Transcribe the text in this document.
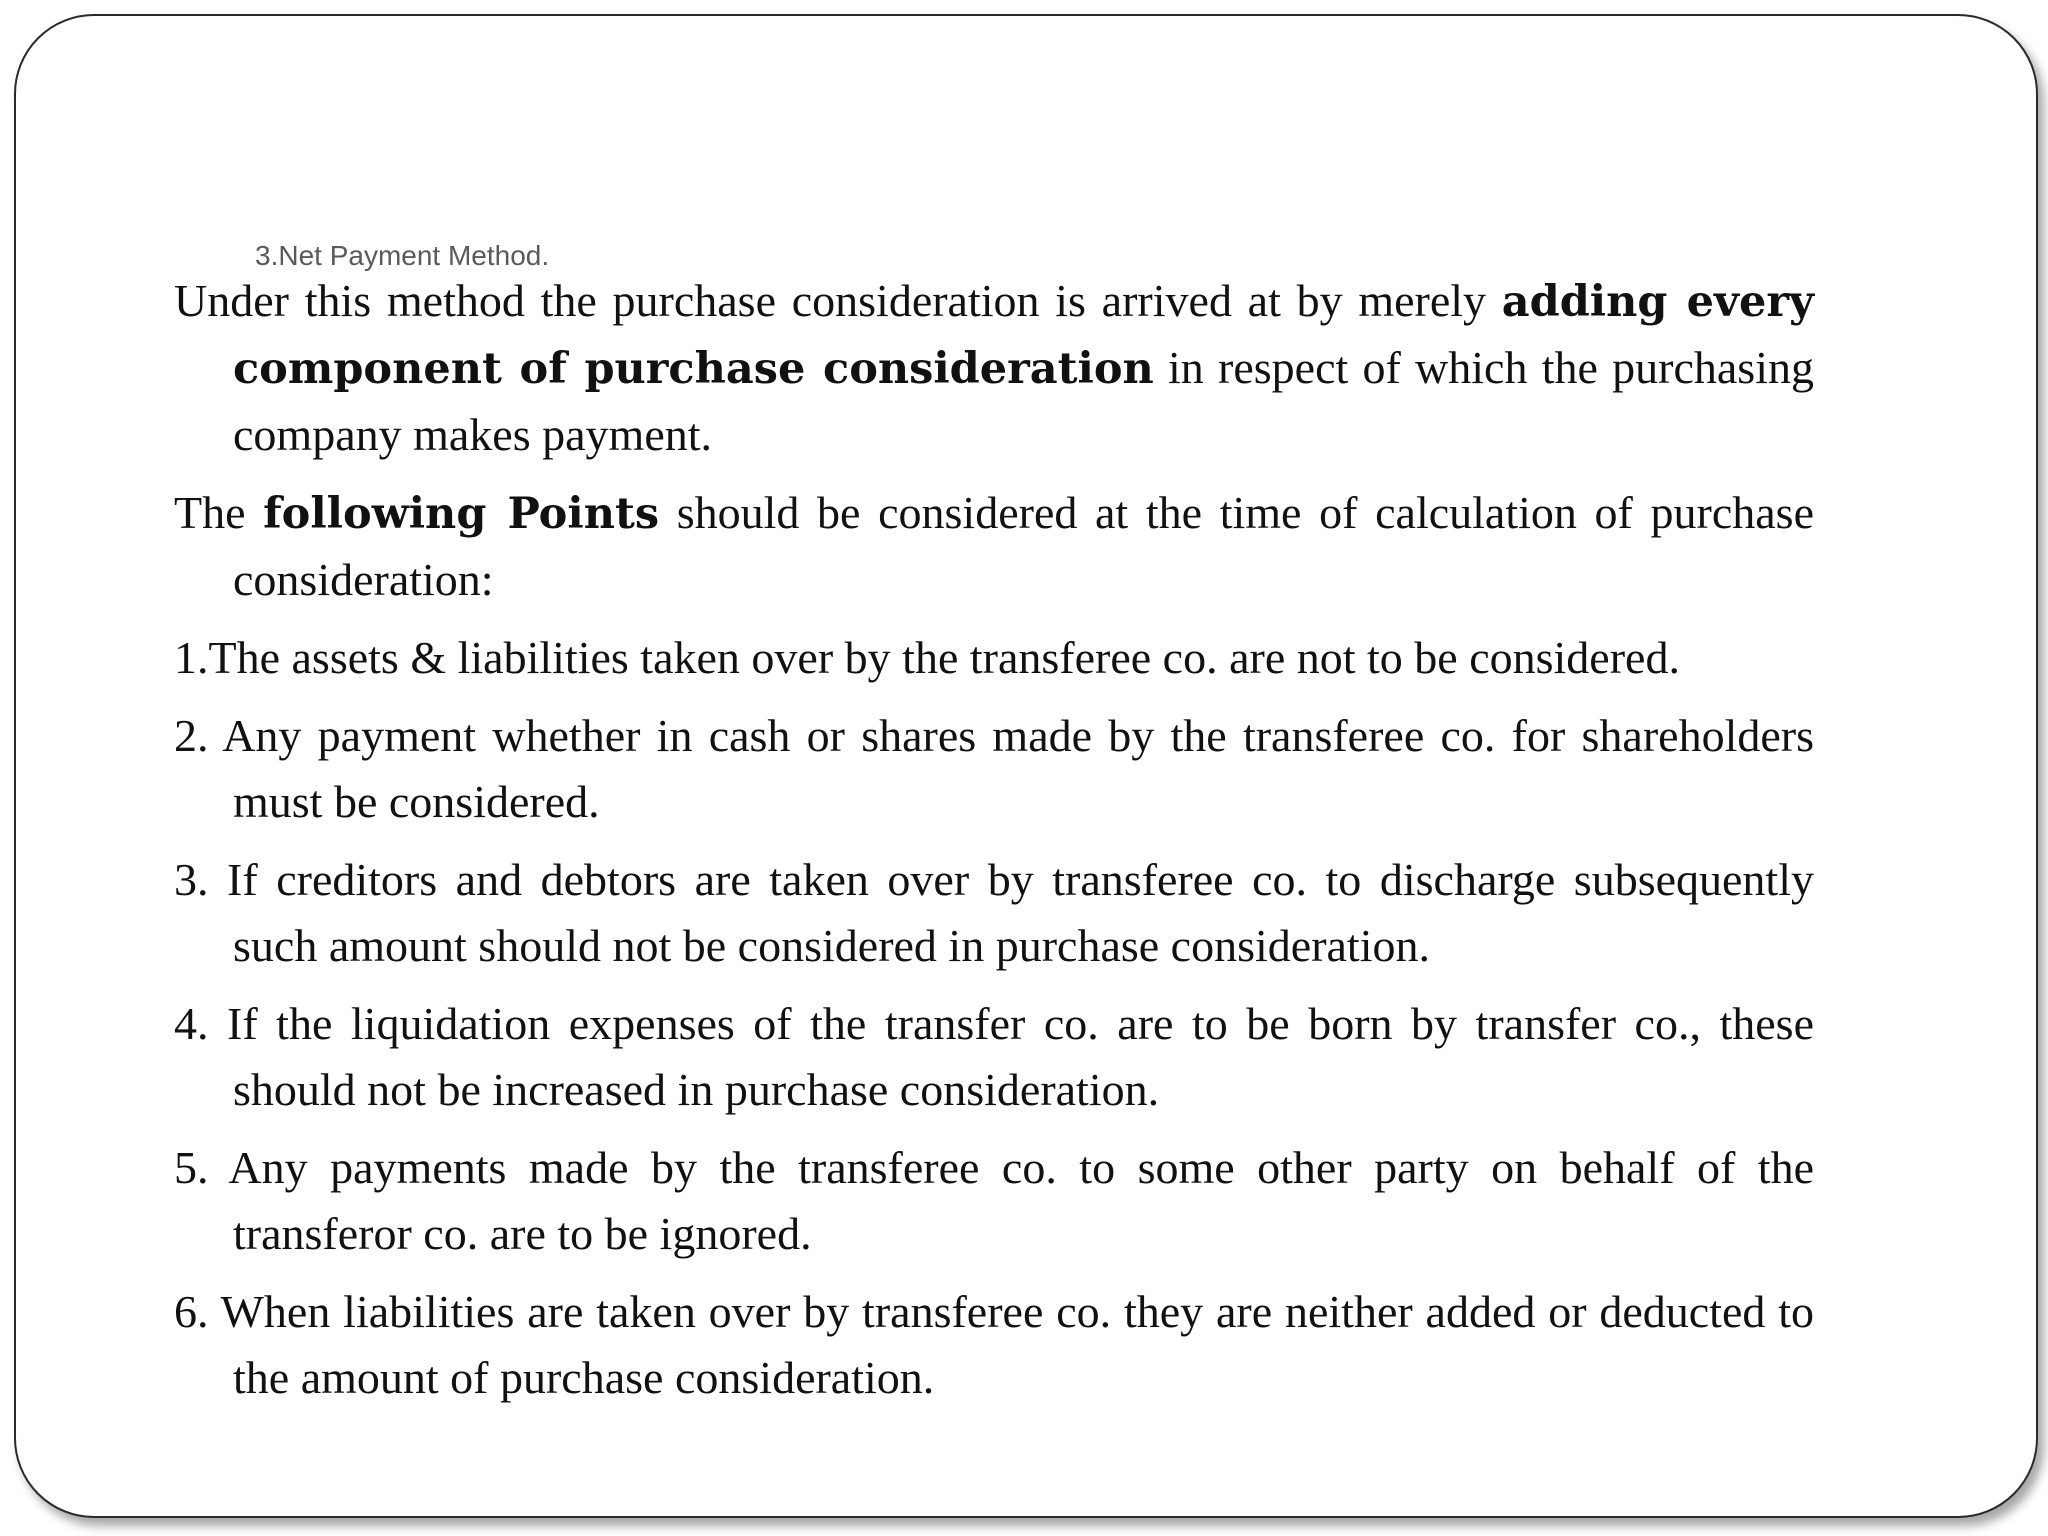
3.Net Payment Method.

Under this method the purchase consideration is arrived at by merely adding every component of purchase consideration in respect of which the purchasing company makes payment.

The following Points should be considered at the time of calculation of purchase consideration:

1.The assets & liabilities taken over by the transferee co. are not to be considered.

2. Any payment whether in cash or shares made by the transferee co. for shareholders must be considered.

3. If creditors and debtors are taken over by transferee co. to discharge subsequently such amount should not be considered in purchase consideration.

4. If the liquidation expenses of the transfer co. are to be born by transfer co., these should not be increased in purchase consideration.

5. Any payments made by the transferee co. to some other party on behalf of the transferor co. are to be ignored.

6. When liabilities are taken over by transferee co. they are neither added or deducted to the amount of purchase consideration.
